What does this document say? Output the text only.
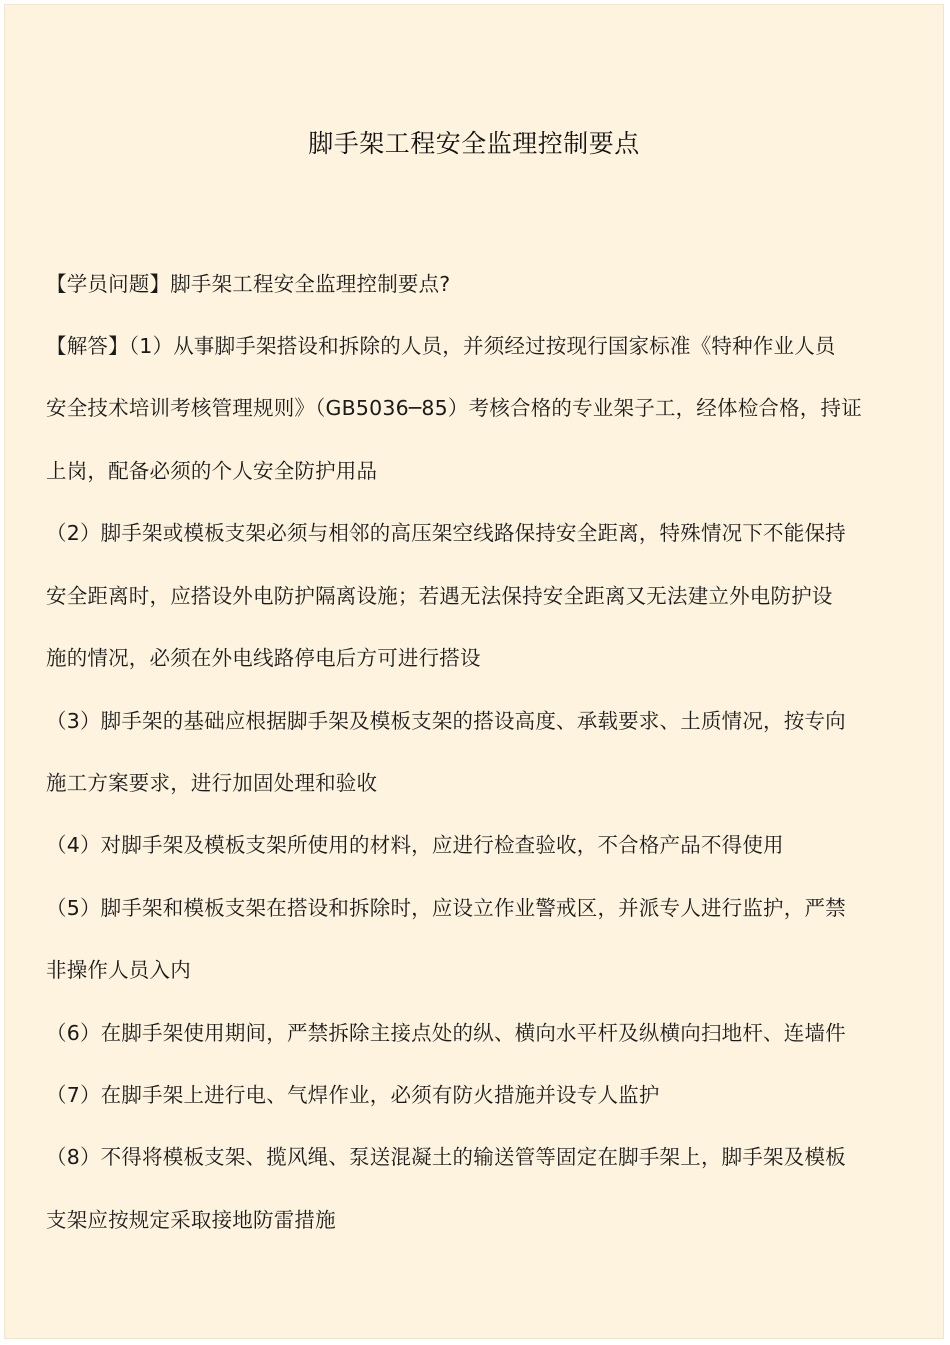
脚手架工程安全监理控制要点
【学员问题】脚手架工程安全监理控制要点?
【解答】（1）从事脚手架搭设和拆除的人员，并须经过按现行国家标准《特种作业人员
安全技术培训考核管理规则》（GB5036─85）考核合格的专业架子工，经体检合格，持证
上岗，配备必须的个人安全防护用品
（2）脚手架或模板支架必须与相邻的高压架空线路保持安全距离，特殊情况下不能保持
安全距离时，应搭设外电防护隔离设施；若遇无法保持安全距离又无法建立外电防护设
施的情况，必须在外电线路停电后方可进行搭设
（3）脚手架的基础应根据脚手架及模板支架的搭设高度、承载要求、土质情况，按专向
施工方案要求，进行加固处理和验收
（4）对脚手架及模板支架所使用的材料，应进行检查验收，不合格产品不得使用
（5）脚手架和模板支架在搭设和拆除时，应设立作业警戒区，并派专人进行监护，严禁
非操作人员入内
（6）在脚手架使用期间，严禁拆除主接点处的纵、横向水平杆及纵横向扫地杆、连墙件
（7）在脚手架上进行电、气焊作业，必须有防火措施并设专人监护
（8）不得将模板支架、揽风绳、泵送混凝土的输送管等固定在脚手架上，脚手架及模板
支架应按规定采取接地防雷措施
